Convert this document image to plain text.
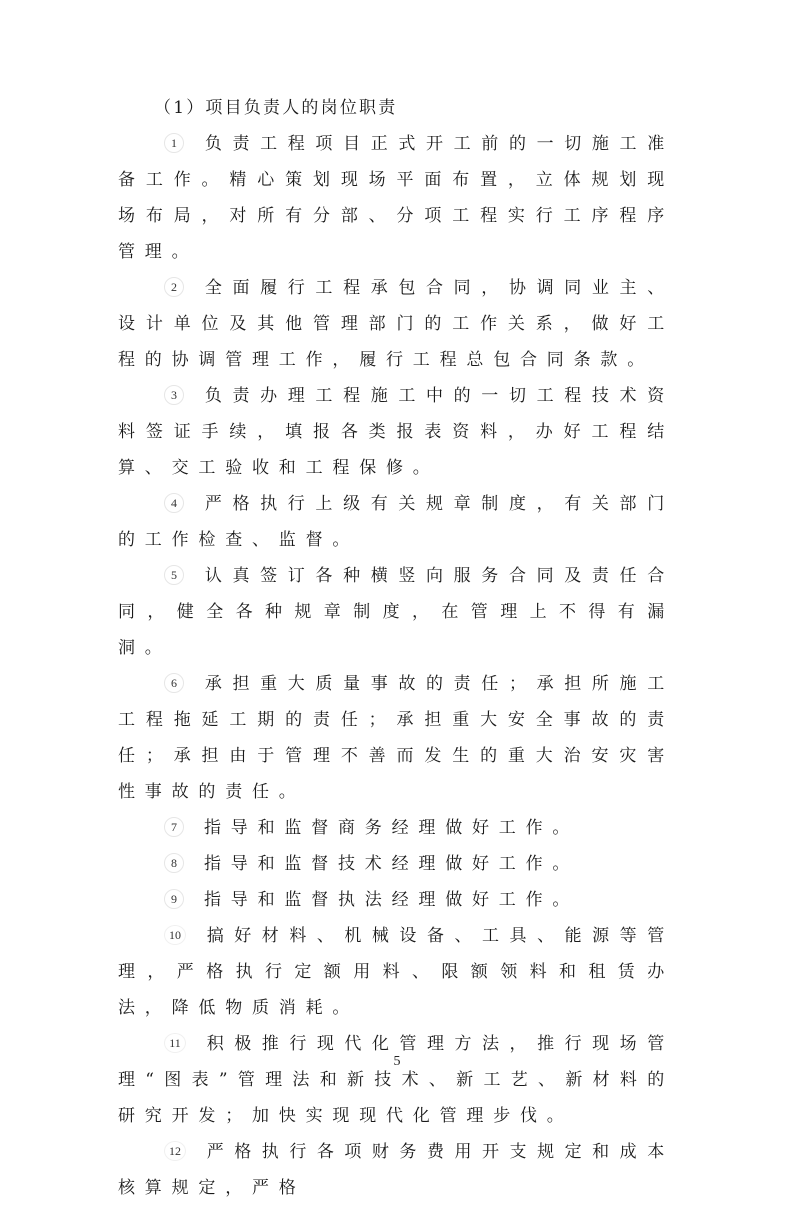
（1）项目负责人的岗位职责

1 负责工程项目正式开工前的一切施工准备工作。精心策划现场平面布置，立体规划现场布局，对所有分部、分项工程实行工序程序管理。

2 全面履行工程承包合同，协调同业主、设计单位及其他管理部门的工作关系，做好工程的协调管理工作，履行工程总包合同条款。

3 负责办理工程施工中的一切工程技术资料签证手续，填报各类报表资料，办好工程结算、交工验收和工程保修。

4 严格执行上级有关规章制度，有关部门的工作检查、监督。

5 认真签订各种横竖向服务合同及责任合同，健全各种规章制度，在管理上不得有漏洞。

6 承担重大质量事故的责任；承担所施工工程拖延工期的责任；承担重大安全事故的责任；承担由于管理不善而发生的重大治安灾害性事故的责任。

7 指导和监督商务经理做好工作。

8 指导和监督技术经理做好工作。

9 指导和监督执法经理做好工作。

10 搞好材料、机械设备、工具、能源等管理，严格执行定额用料、限额领料和租赁办法，降低物质消耗。

11 积极推行现代化管理方法，推行现场管理“图表”管理法和新技术、新工艺、新材料的研究开发；加快实现现代化管理步伐。

12 严格执行各项财务费用开支规定和成本核算规定，严格

5
